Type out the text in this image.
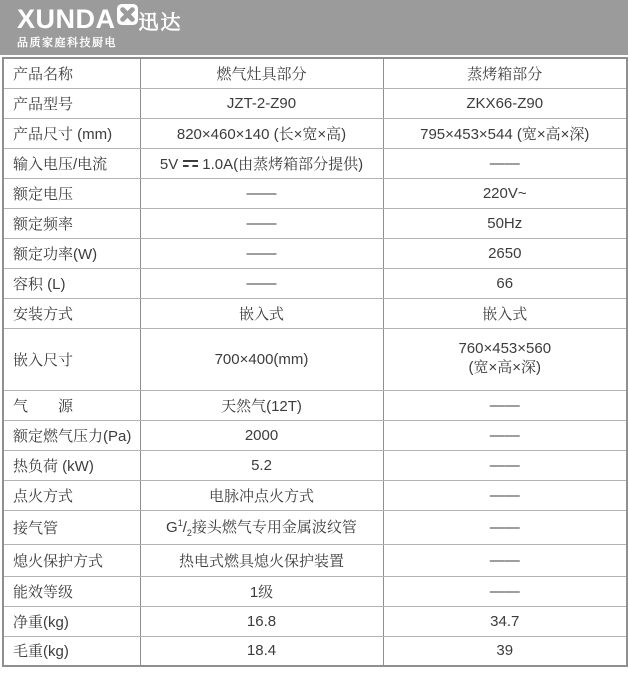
XUNDA 迅达
品质家庭科技厨电
产品名称	燃气灶具部分	蒸烤箱部分
产品型号	JZT-2-Z90	ZKX66-Z90
产品尺寸 (mm)	820×460×140 (长×宽×高)	795×453×544 (宽×高×深)
输入电压/电流	5V 1.0A(由蒸烤箱部分提供)	——
额定电压	——	220V~
额定频率	——	50Hz
额定功率(W)	——	2650
容积 (L)	——	66
安装方式	嵌入式	嵌入式
嵌入尺寸	700×400(mm)	760×453×560
(宽×高×深)

气　　源	天然气(12T)	——
额定燃气压力(Pa)	2000	——
热负荷 (kW)	5.2	——
点火方式	电脉冲点火方式	——
接气管	$G^1/_2$接头燃气专用金属波纹管	——
熄火保护方式	热电式燃具熄火保护装置	——
能效等级	1级	——
净重(kg)	16.8	34.7
毛重(kg)	18.4	39
